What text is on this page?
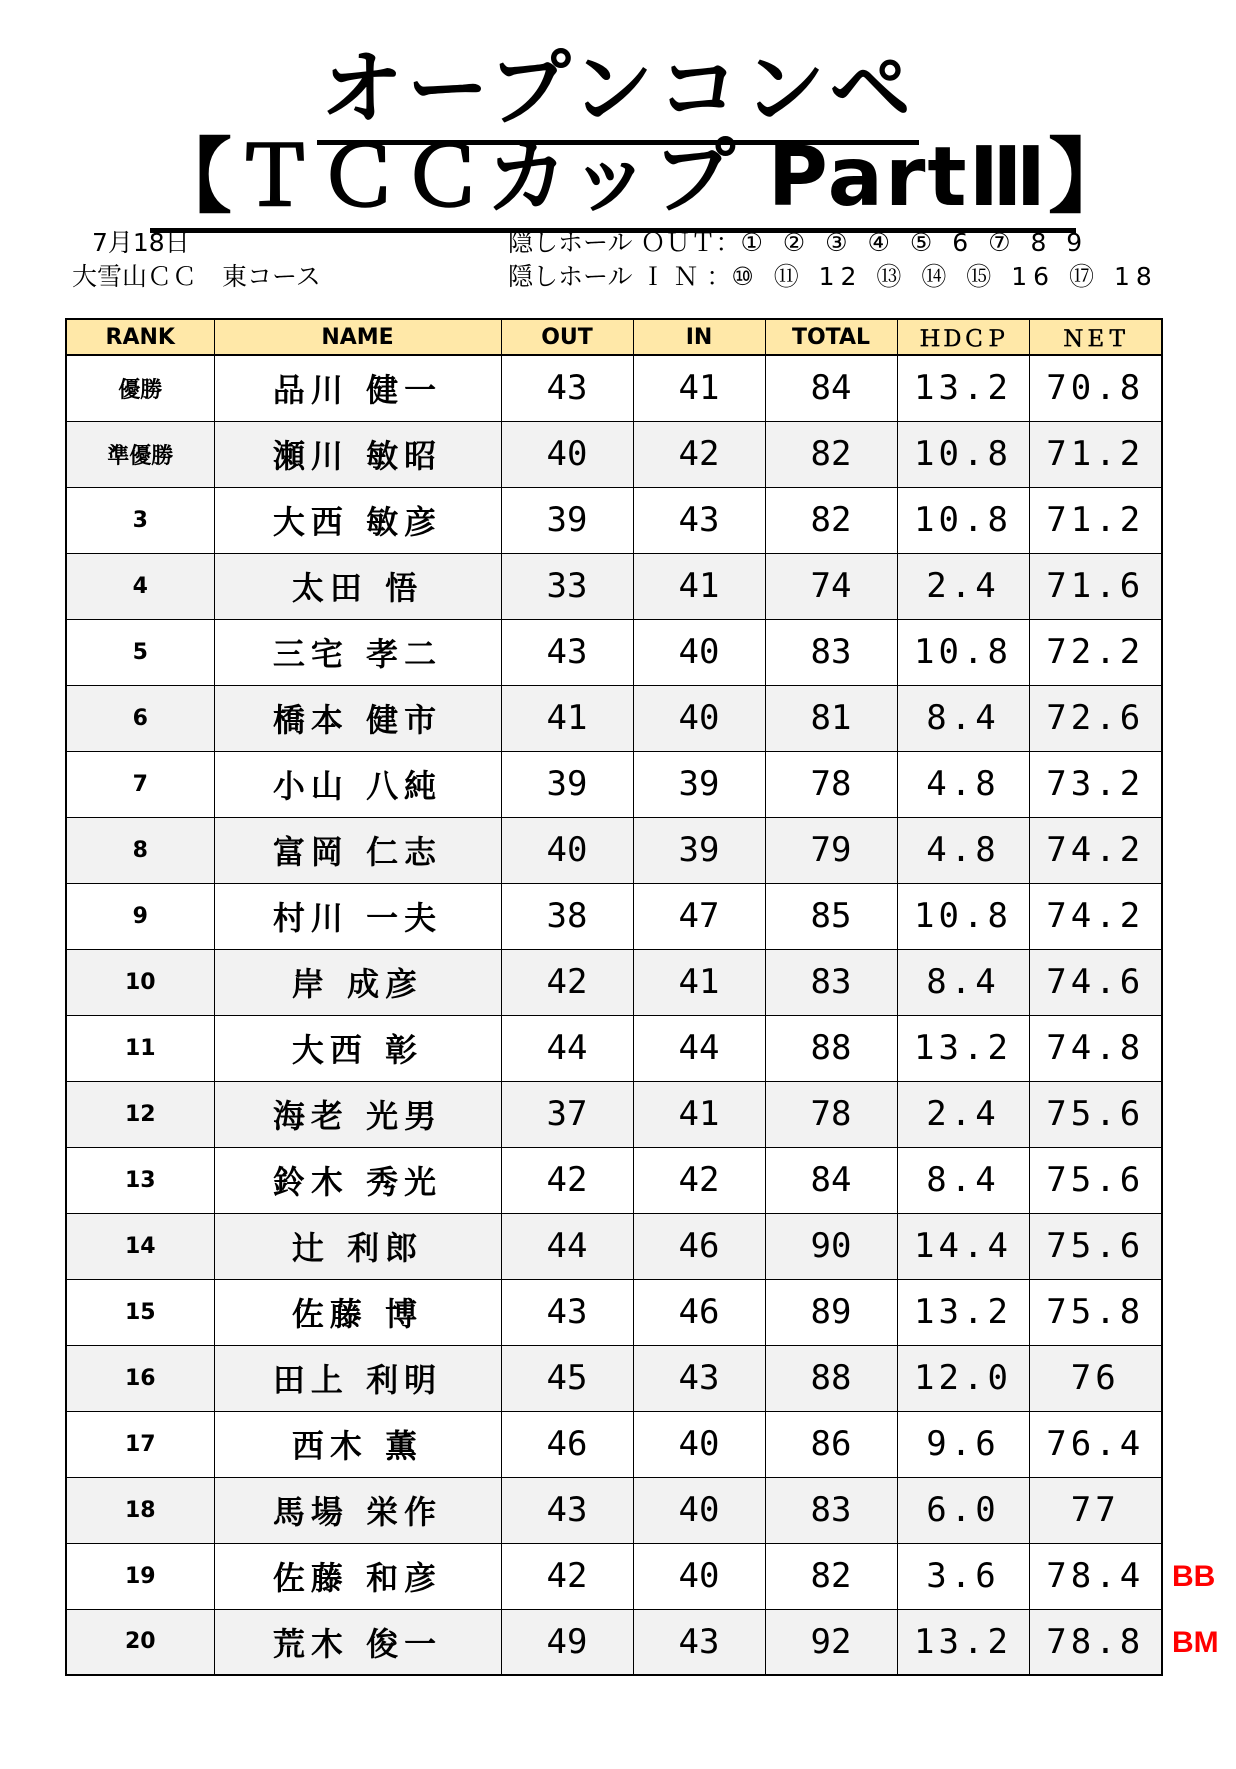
オープンコンペ
【ＴＣＣカップ PartⅢ】
7月18日
大雪山ＣＣ　東コース
隠しホール ＯＵＴ：① ② ③ ④ ⑤ 6 ⑦ 8 9
隠しホール Ｉ Ｎ ：⑩ ⑪ 12 ⑬ ⑭ ⑮ 16 ⑰ 18
RANK	NAME	OUT	IN	TOTAL	ＨＤＣＰ	ＮＥＴ
優勝	品川 健一	43	41	84	13.2	70.8
準優勝	瀬川 敏昭	40	42	82	10.8	71.2
3	大西 敏彦	39	43	82	10.8	71.2
4	太田 悟	33	41	74	2.4	71.6
5	三宅 孝二	43	40	83	10.8	72.2
6	橋本 健市	41	40	81	8.4	72.6
7	小山 八純	39	39	78	4.8	73.2
8	富岡 仁志	40	39	79	4.8	74.2
9	村川 一夫	38	47	85	10.8	74.2
10	岸 成彦	42	41	83	8.4	74.6
11	大西 彰	44	44	88	13.2	74.8
12	海老 光男	37	41	78	2.4	75.6
13	鈴木 秀光	42	42	84	8.4	75.6
14	辻 利郎	44	46	90	14.4	75.6
15	佐藤 博	43	46	89	13.2	75.8
16	田上 利明	45	43	88	12.0	76
17	西木 薫	46	40	86	9.6	76.4
18	馬場 栄作	43	40	83	6.0	77
19	佐藤 和彦	42	40	82	3.6	78.4
20	荒木 俊一	49	43	92	13.2	78.8
BB
BM
